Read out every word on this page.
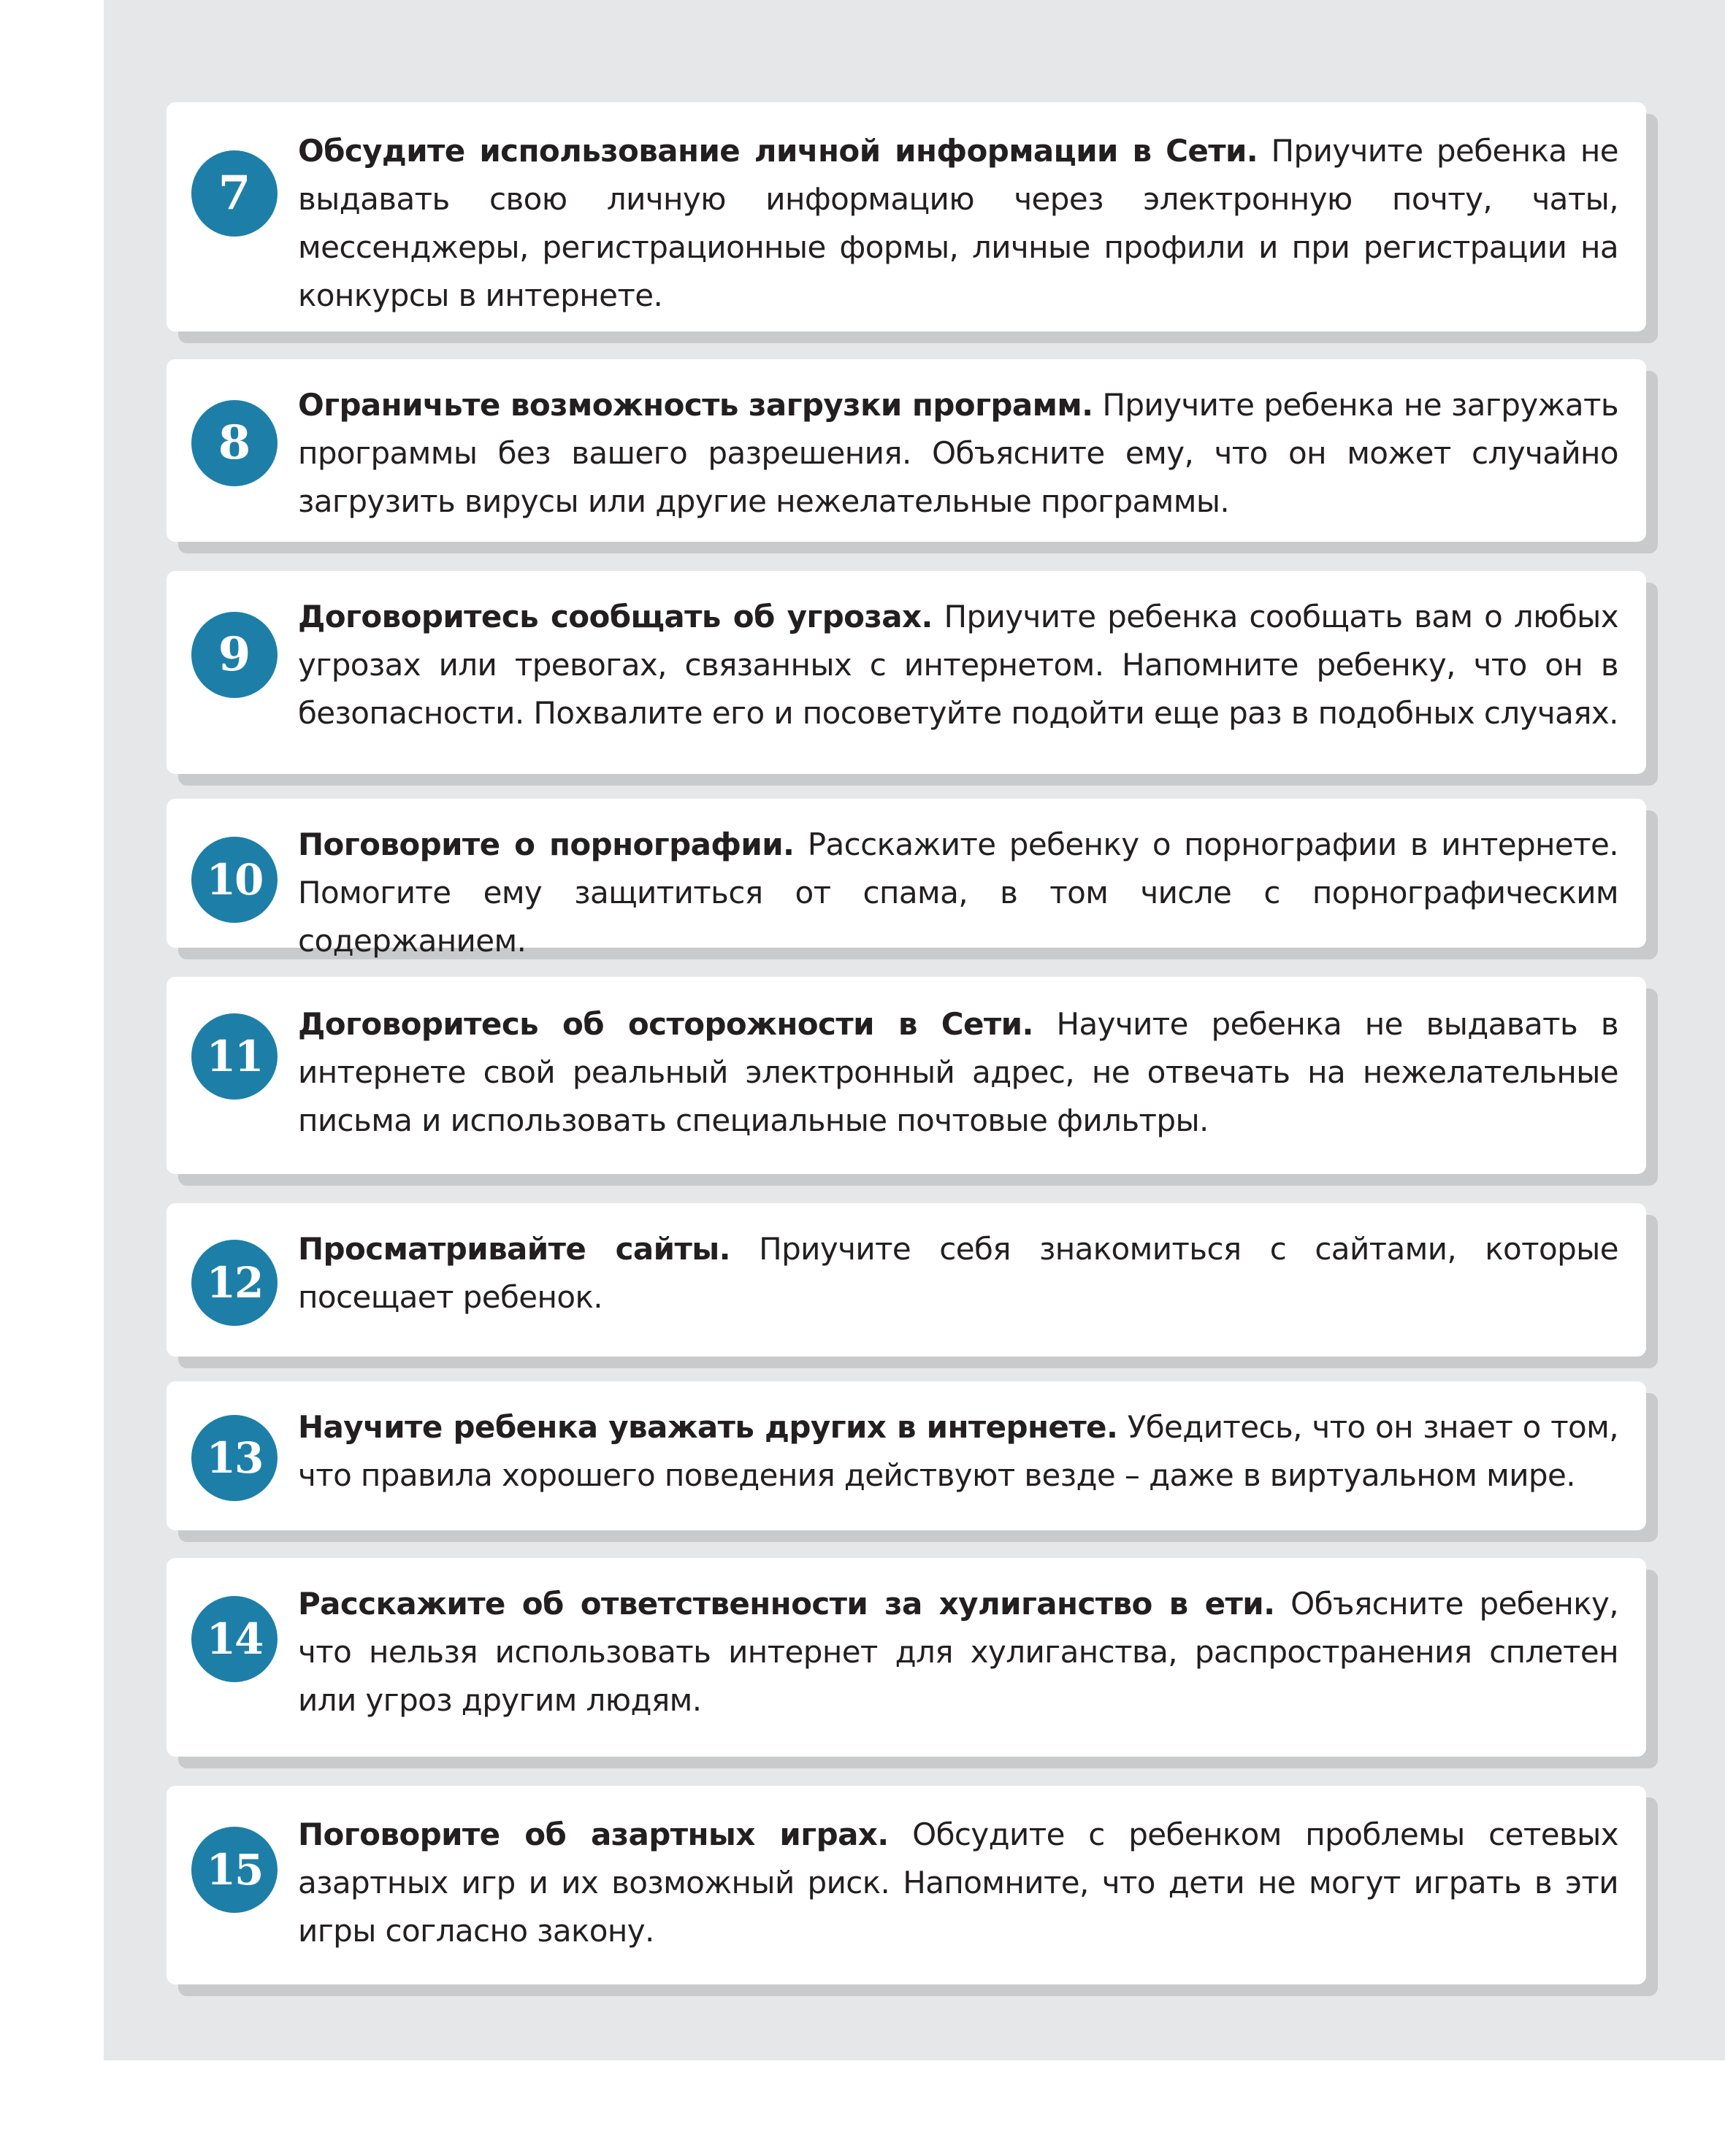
7
Обсудите использование личной информации в Сети. Приучите ребенка не выдавать свою личную информацию через электронную почту, чаты, мессенджеры, регистрационные формы, личные профили и при регистрации на конкурсы в интернете.
8
Ограничьте возможность загрузки программ. Приучите ребенка не загружать программы без вашего разрешения. Объясните ему, что он может случайно загрузить вирусы или другие нежелательные программы.
9
Договоритесь сообщать об угрозах. Приучите ребенка сообщать вам о любых угрозах или тревогах, связанных с интернетом. Напомните ребенку, что он в безопасности. Похвалите его и посоветуйте подойти еще раз в подобных случаях.
10
Поговорите о порнографии. Расскажите ребенку о порнографии в интернете. Помогите ему защититься от спама, в том числе с порнографическим содержанием.
11
Договоритесь об осторожности в Сети. Научите ребенка не выдавать в интернете свой реальный электронный адрес, не отвечать на нежелательные письма и использовать специальные почтовые фильтры.
12
Просматривайте сайты. Приучите себя знакомиться с сайтами, которые посещает ребенок.
13
Научите ребенка уважать других в интернете. Убедитесь, что он знает о том, что правила хорошего поведения действуют везде – даже в виртуальном мире.
14
Расскажите об ответственности за хулиганство в ети. Объясните ребенку, что нельзя использовать интернет для хулиганства, распространения сплетен или угроз другим людям.
15
Поговорите об азартных играх. Обсудите с ребенком проблемы сетевых азартных игр и их возможный риск. Напомните, что дети не могут играть в эти игры согласно закону.
